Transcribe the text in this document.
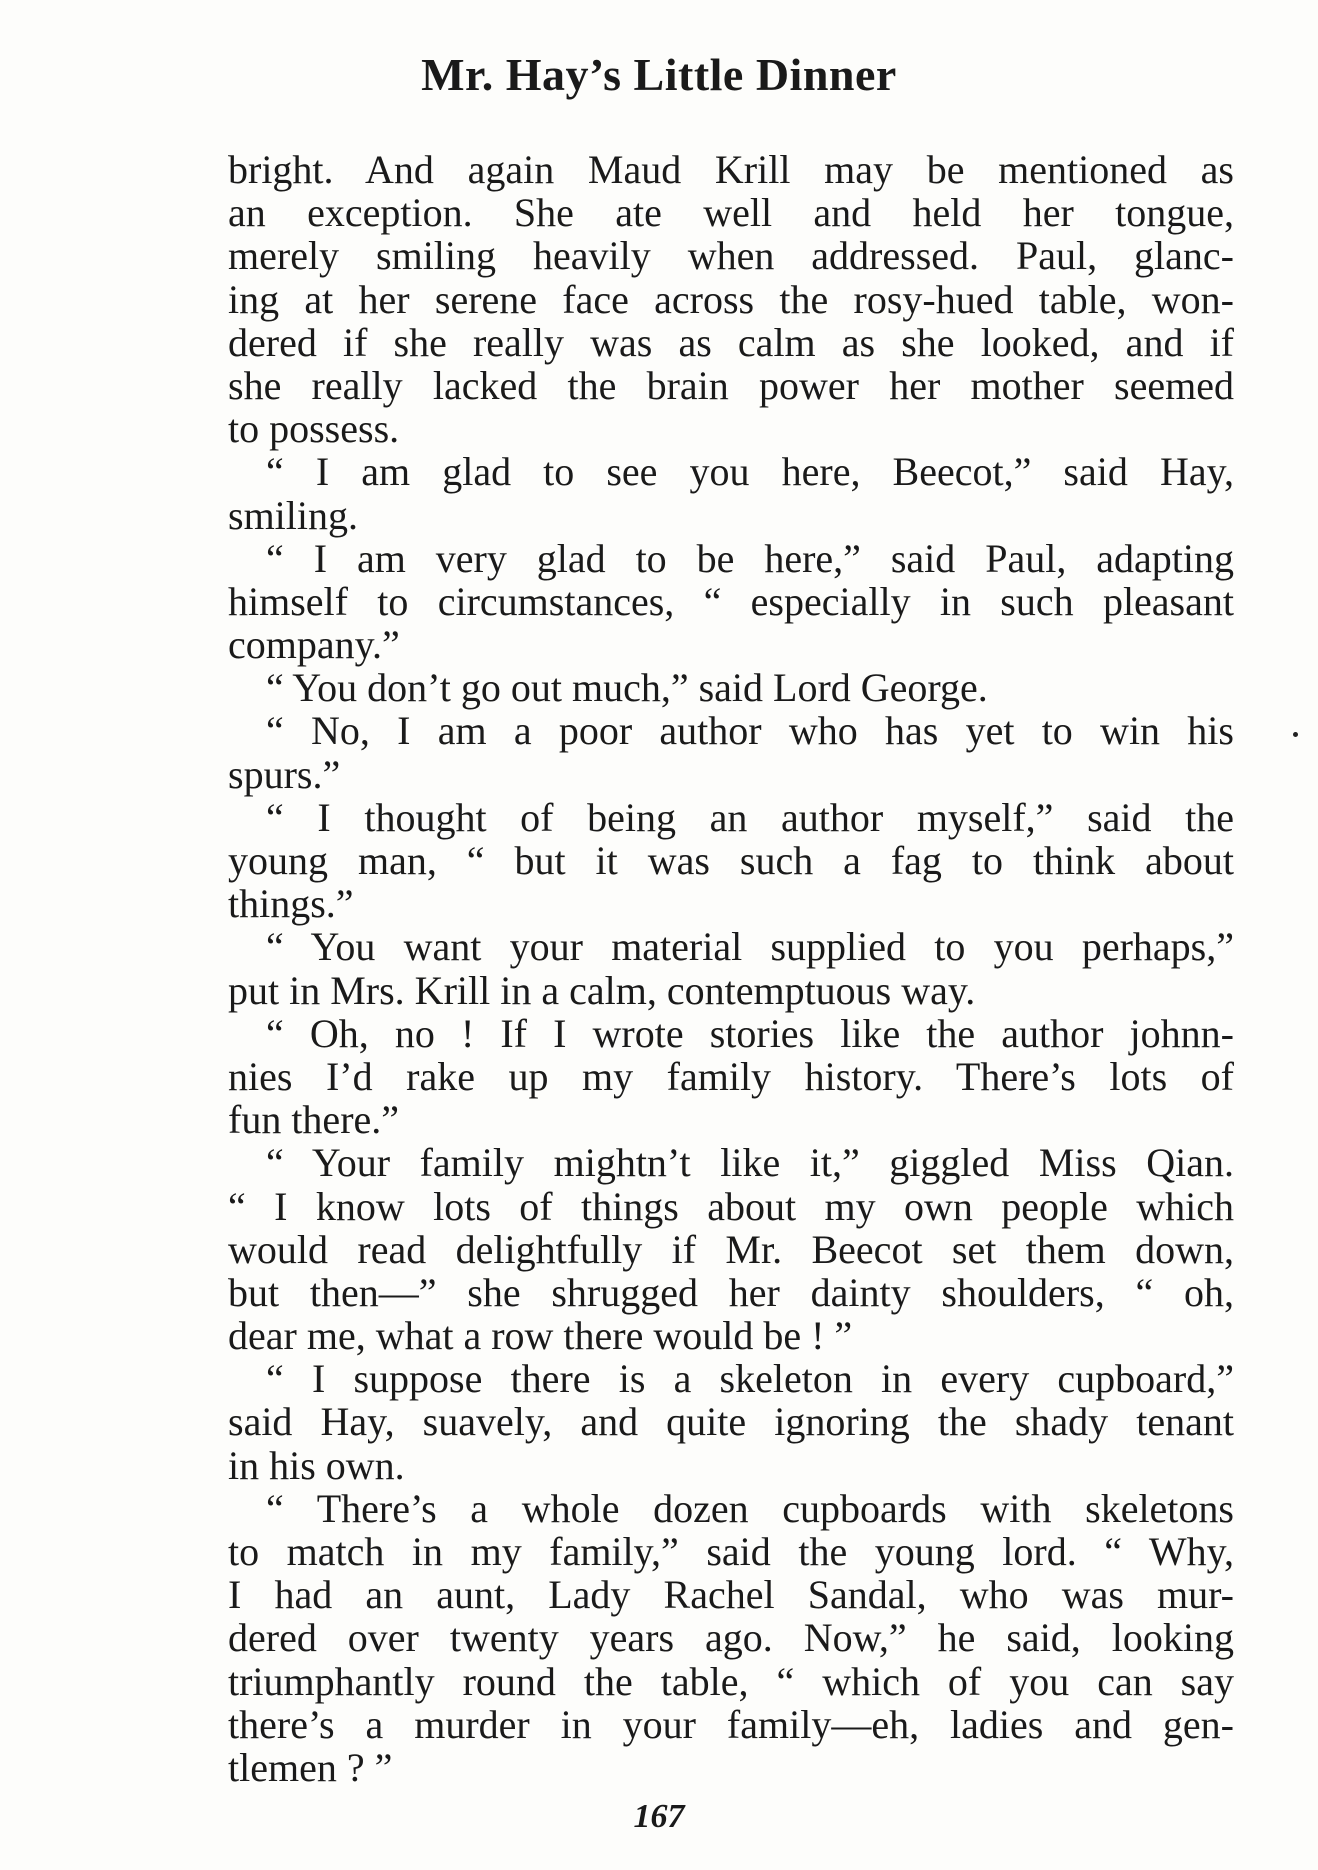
Mr. Hay’s Little Dinner
bright. And again Maud Krill may be mentioned as
an exception. She ate well and held her tongue,
merely smiling heavily when addressed. Paul, glanc-
ing at her serene face across the rosy-hued table, won-
dered if she really was as calm as she looked, and if
she really lacked the brain power her mother seemed
to possess.
“ I am glad to see you here, Beecot,” said Hay,
smiling.
“ I am very glad to be here,” said Paul, adapting
himself to circumstances, “ especially in such pleasant
company.”
“ You don’t go out much,” said Lord George.
“ No, I am a poor author who has yet to win his
spurs.”
“ I thought of being an author myself,” said the
young man, “ but it was such a fag to think about
things.”
“ You want your material supplied to you perhaps,”
put in Mrs. Krill in a calm, contemptuous way.
“ Oh, no ! If I wrote stories like the author johnn-
nies I’d rake up my family history. There’s lots of
fun there.”
“ Your family mightn’t like it,” giggled Miss Qian.
“ I know lots of things about my own people which
would read delightfully if Mr. Beecot set them down,
but then—” she shrugged her dainty shoulders, “ oh,
dear me, what a row there would be ! ”
“ I suppose there is a skeleton in every cupboard,”
said Hay, suavely, and quite ignoring the shady tenant
in his own.
“ There’s a whole dozen cupboards with skeletons
to match in my family,” said the young lord. “ Why,
I had an aunt, Lady Rachel Sandal, who was mur-
dered over twenty years ago. Now,” he said, looking
triumphantly round the table, “ which of you can say
there’s a murder in your family—eh, ladies and gen-
tlemen ? ”
167
